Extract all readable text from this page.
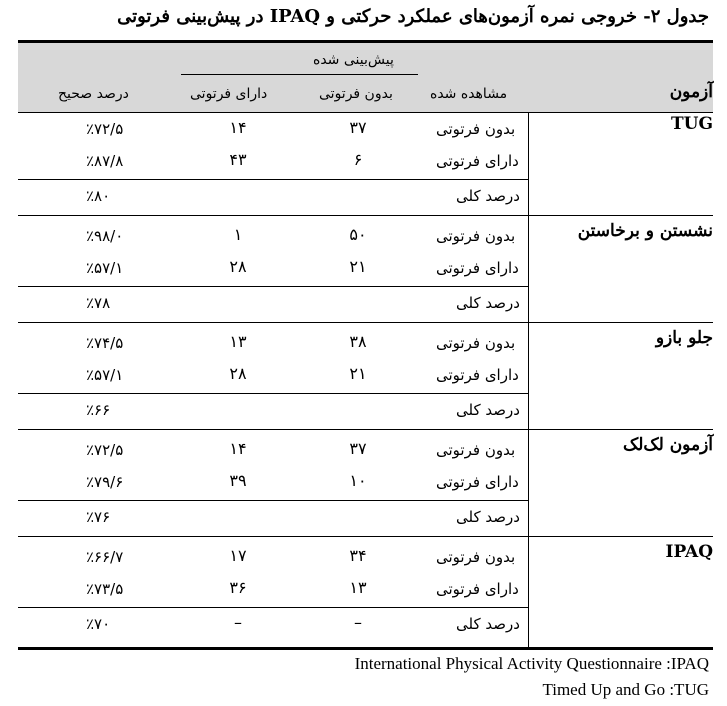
جدول ۲- خروجی نمره آزمون‌های عملکرد حرکتی و IPAQ در پیش‌بینی فرتوتی
پیش‌بینی شده
بدون فرتوتی
دارای فرتوتی	مشاهده شده
درصد صحیح	آزمون
TUG
بدون فرتوتی
۳۷
۱۴
٪۷۲/۵
دارای فرتوتی
۶
۴۳
٪۸۷/۸
درصد کلی
٪۸۰
نشستن و برخاستن
بدون فرتوتی
۵۰
۱
٪۹۸/۰
دارای فرتوتی
۲۱
۲۸
٪۵۷/۱
درصد کلی
٪۷۸
جلو بازو
بدون فرتوتی
۳۸
۱۳
٪۷۴/۵
دارای فرتوتی
۲۱
۲۸
٪۵۷/۱
درصد کلی
٪۶۶
آزمون لک‌لک
بدون فرتوتی
۳۷
۱۴
٪۷۲/۵
دارای فرتوتی
۱۰
۳۹
٪۷۹/۶
درصد کلی
٪۷۶
IPAQ
بدون فرتوتی
۳۴
۱۷
٪۶۶/۷
دارای فرتوتی
۱۳
۳۶
٪۷۳/۵
درصد کلی
–
–
٪۷۰
International Physical Activity Questionnaire :IPAQ
Timed Up and Go :TUG
